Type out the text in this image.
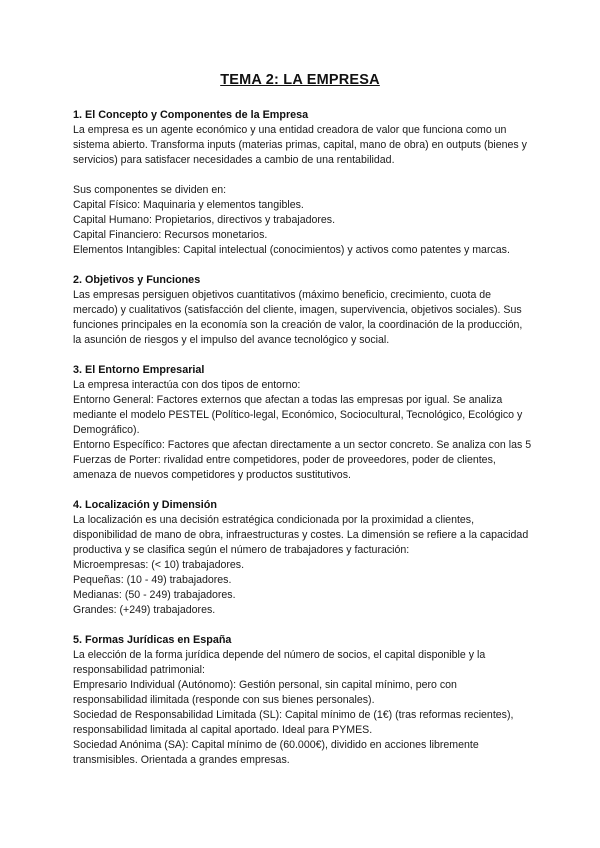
TEMA 2: LA EMPRESA
1. El Concepto y Componentes de la Empresa

La empresa es un agente económico y una entidad creadora de valor que funciona como un sistema abierto. Transforma inputs (materias primas, capital, mano de obra) en outputs (bienes y servicios) para satisfacer necesidades a cambio de una rentabilidad.

Sus componentes se dividen en:

Capital Físico: Maquinaria y elementos tangibles.

Capital Humano: Propietarios, directivos y trabajadores.

Capital Financiero: Recursos monetarios.

Elementos Intangibles: Capital intelectual (conocimientos) y activos como patentes y marcas.

2. Objetivos y Funciones

Las empresas persiguen objetivos cuantitativos (máximo beneficio, crecimiento, cuota de mercado) y cualitativos (satisfacción del cliente, imagen, supervivencia, objetivos sociales). Sus funciones principales en la economía son la creación de valor, la coordinación de la producción, la asunción de riesgos y el impulso del avance tecnológico y social.

3. El Entorno Empresarial

La empresa interactúa con dos tipos de entorno:

Entorno General: Factores externos que afectan a todas las empresas por igual. Se analiza mediante el modelo PESTEL (Político-legal, Económico, Sociocultural, Tecnológico, Ecológico y Demográfico).

Entorno Específico: Factores que afectan directamente a un sector concreto. Se analiza con las 5 Fuerzas de Porter: rivalidad entre competidores, poder de proveedores, poder de clientes, amenaza de nuevos competidores y productos sustitutivos.

4. Localización y Dimensión

La localización es una decisión estratégica condicionada por la proximidad a clientes, disponibilidad de mano de obra, infraestructuras y costes. La dimensión se refiere a la capacidad productiva y se clasifica según el número de trabajadores y facturación:

Microempresas: (< 10) trabajadores.

Pequeñas: (10 - 49) trabajadores.

Medianas: (50 - 249) trabajadores.

Grandes: (+249) trabajadores.

5. Formas Jurídicas en España

La elección de la forma jurídica depende del número de socios, el capital disponible y la responsabilidad patrimonial:

Empresario Individual (Autónomo): Gestión personal, sin capital mínimo, pero con responsabilidad ilimitada (responde con sus bienes personales).

Sociedad de Responsabilidad Limitada (SL): Capital mínimo de (1€) (tras reformas recientes), responsabilidad limitada al capital aportado. Ideal para PYMES.

Sociedad Anónima (SA): Capital mínimo de (60.000€), dividido en acciones libremente transmisibles. Orientada a grandes empresas.
